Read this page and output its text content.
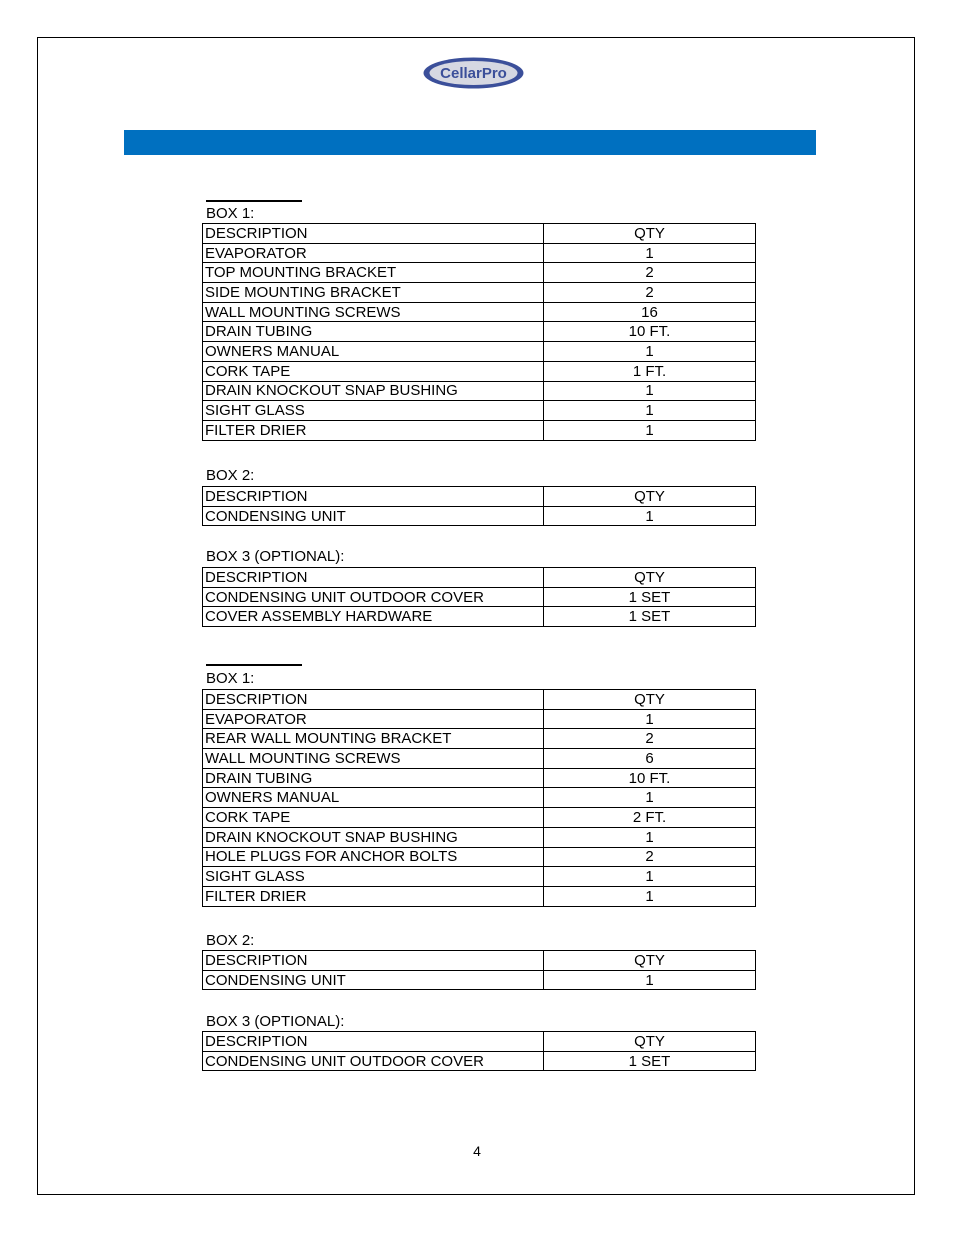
CellarPro
BOX 1:
DESCRIPTION	QTY
EVAPORATOR	1
TOP MOUNTING BRACKET	2
SIDE MOUNTING BRACKET	2
WALL MOUNTING SCREWS	16
DRAIN TUBING	10 FT.
OWNERS MANUAL	1
CORK TAPE	1 FT.
DRAIN KNOCKOUT SNAP BUSHING	1
SIGHT GLASS	1
FILTER DRIER	1
BOX 2:
DESCRIPTION	QTY
CONDENSING UNIT	1
BOX 3 (OPTIONAL):
DESCRIPTION	QTY
CONDENSING UNIT OUTDOOR COVER	1 SET
COVER ASSEMBLY HARDWARE	1 SET
BOX 1:
DESCRIPTION	QTY
EVAPORATOR	1
REAR WALL MOUNTING BRACKET	2
WALL MOUNTING SCREWS	6
DRAIN TUBING	10 FT.
OWNERS MANUAL	1
CORK TAPE	2 FT.
DRAIN KNOCKOUT SNAP BUSHING	1
HOLE PLUGS FOR ANCHOR BOLTS	2
SIGHT GLASS	1
FILTER DRIER	1
BOX 2:
DESCRIPTION	QTY
CONDENSING UNIT	1
BOX 3 (OPTIONAL):
DESCRIPTION	QTY
CONDENSING UNIT OUTDOOR COVER	1 SET
4
